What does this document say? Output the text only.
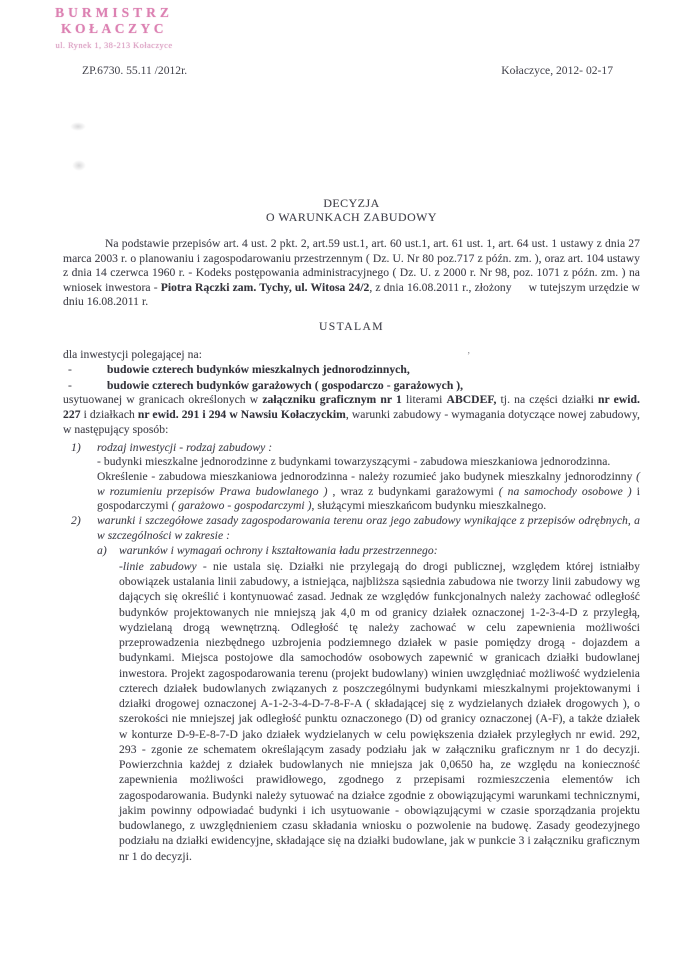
BURMISTRZ
KOŁACZYC
ul. Rynek 1, 38-213 Kołaczyce
ZP.6730. 55.11 /2012r.	Kołaczyce, 2012- 02-17
’
DECYZJA
O WARUNKACH ZABUDOWY

Na podstawie przepisów art. 4 ust. 2 pkt. 2, art.59 ust.1, art. 60 ust.1, art. 61 ust. 1, art. 64 ust. 1 ustawy z dnia 27 marca 2003 r. o planowaniu i zagospodarowaniu przestrzennym ( Dz. U. Nr 80 poz.717 z późn. zm. ), oraz art. 104 ustawy z dnia 14 czerwca 1960 r. - Kodeks postępowania administracyjnego ( Dz. U. z 2000 r. Nr 98, poz. 1071 z późn. zm. ) na wniosek inwestora - Piotra Rączki zam. Tychy, ul. Witosa 24/2, z dnia 16.08.2011 r., złożony w tutejszym urzędzie w dniu 16.08.2011 r.

USTALAM
dla inwestycji polegającej na:
-	budowie czterech budynków mieszkalnych jednorodzinnych,
-	budowie czterech budynków garażowych ( gospodarczo - garażowych ),

usytuowanej w granicach określonych w załączniku graficznym nr 1 literami ABCDEF, tj. na części działki nr ewid. 227 i działkach nr ewid. 291 i 294 w Nawsiu Kołaczyckim, warunki zabudowy - wymagania dotyczące nowej zabudowy, w następujący sposób:

1)	rodzaj inwestycji - rodzaj zabudowy :

- budynki mieszkalne jednorodzinne z budynkami towarzyszącymi - zabudowa mieszkaniowa jednorodzinna.

Określenie - zabudowa mieszkaniowa jednorodzinna - należy rozumieć jako budynek mieszkalny jednorodzinny ( w rozumieniu przepisów Prawa budowlanego ) , wraz z budynkami garażowymi ( na samochody osobowe ) i gospodarczymi ( garażowo - gospodarczymi ), służącymi mieszkańcom budynku mieszkalnego.

2)	warunki i szczegółowe zasady zagospodarowania terenu oraz jego zabudowy wynikające z przepisów odrębnych, a w szczególności w zakresie :
a)	warunków i wymagań ochrony i kształtowania ładu przestrzennego:

-linie zabudowy - nie ustala się. Działki nie przylegają do drogi publicznej, względem której istniałby obowiązek ustalania linii zabudowy, a istniejąca, najbliższa sąsiednia zabudowa nie tworzy linii zabudowy wg dających się określić i kontynuować zasad. Jednak ze względów funkcjonalnych należy zachować odległość budynków projektowanych nie mniejszą jak 4,0 m od granicy działek oznaczonej 1-2-3-4-D z przyległą, wydzielaną drogą wewnętrzną. Odległość tę należy zachować w celu zapewnienia możliwości przeprowadzenia niezbędnego uzbrojenia podziemnego działek w pasie pomiędzy drogą - dojazdem a budynkami. Miejsca postojowe dla samochodów osobowych zapewnić w granicach działki budowlanej inwestora. Projekt zagospodarowania terenu (projekt budowlany) winien uwzględniać możliwość wydzielenia czterech działek budowlanych związanych z poszczególnymi budynkami mieszkalnymi projektowanymi i działki drogowej oznaczonej A-1-2-3-4-D-7-8-F-A ( składającej się z wydzielanych działek drogowych ), o szerokości nie mniejszej jak odległość punktu oznaczonego (D) od granicy oznaczonej (A-F), a także działek w konturze D-9-E-8-7-D jako działek wydzielanych w celu powiększenia działek przyległych nr ewid. 292, 293 - zgonie ze schematem określającym zasady podziału jak w załączniku graficznym nr 1 do decyzji. Powierzchnia każdej z działek budowlanych nie mniejsza jak 0,0650 ha, ze względu na konieczność zapewnienia możliwości prawidłowego, zgodnego z przepisami rozmieszczenia elementów ich zagospodarowania. Budynki należy sytuować na działce zgodnie z obowiązującymi warunkami technicznymi, jakim powinny odpowiadać budynki i ich usytuowanie - obowiązującymi w czasie sporządzania projektu budowlanego, z uwzględnieniem czasu składania wniosku o pozwolenie na budowę. Zasady geodezyjnego podziału na działki ewidencyjne, składające się na działki budowlane, jak w punkcie 3 i załączniku graficznym nr 1 do decyzji.
